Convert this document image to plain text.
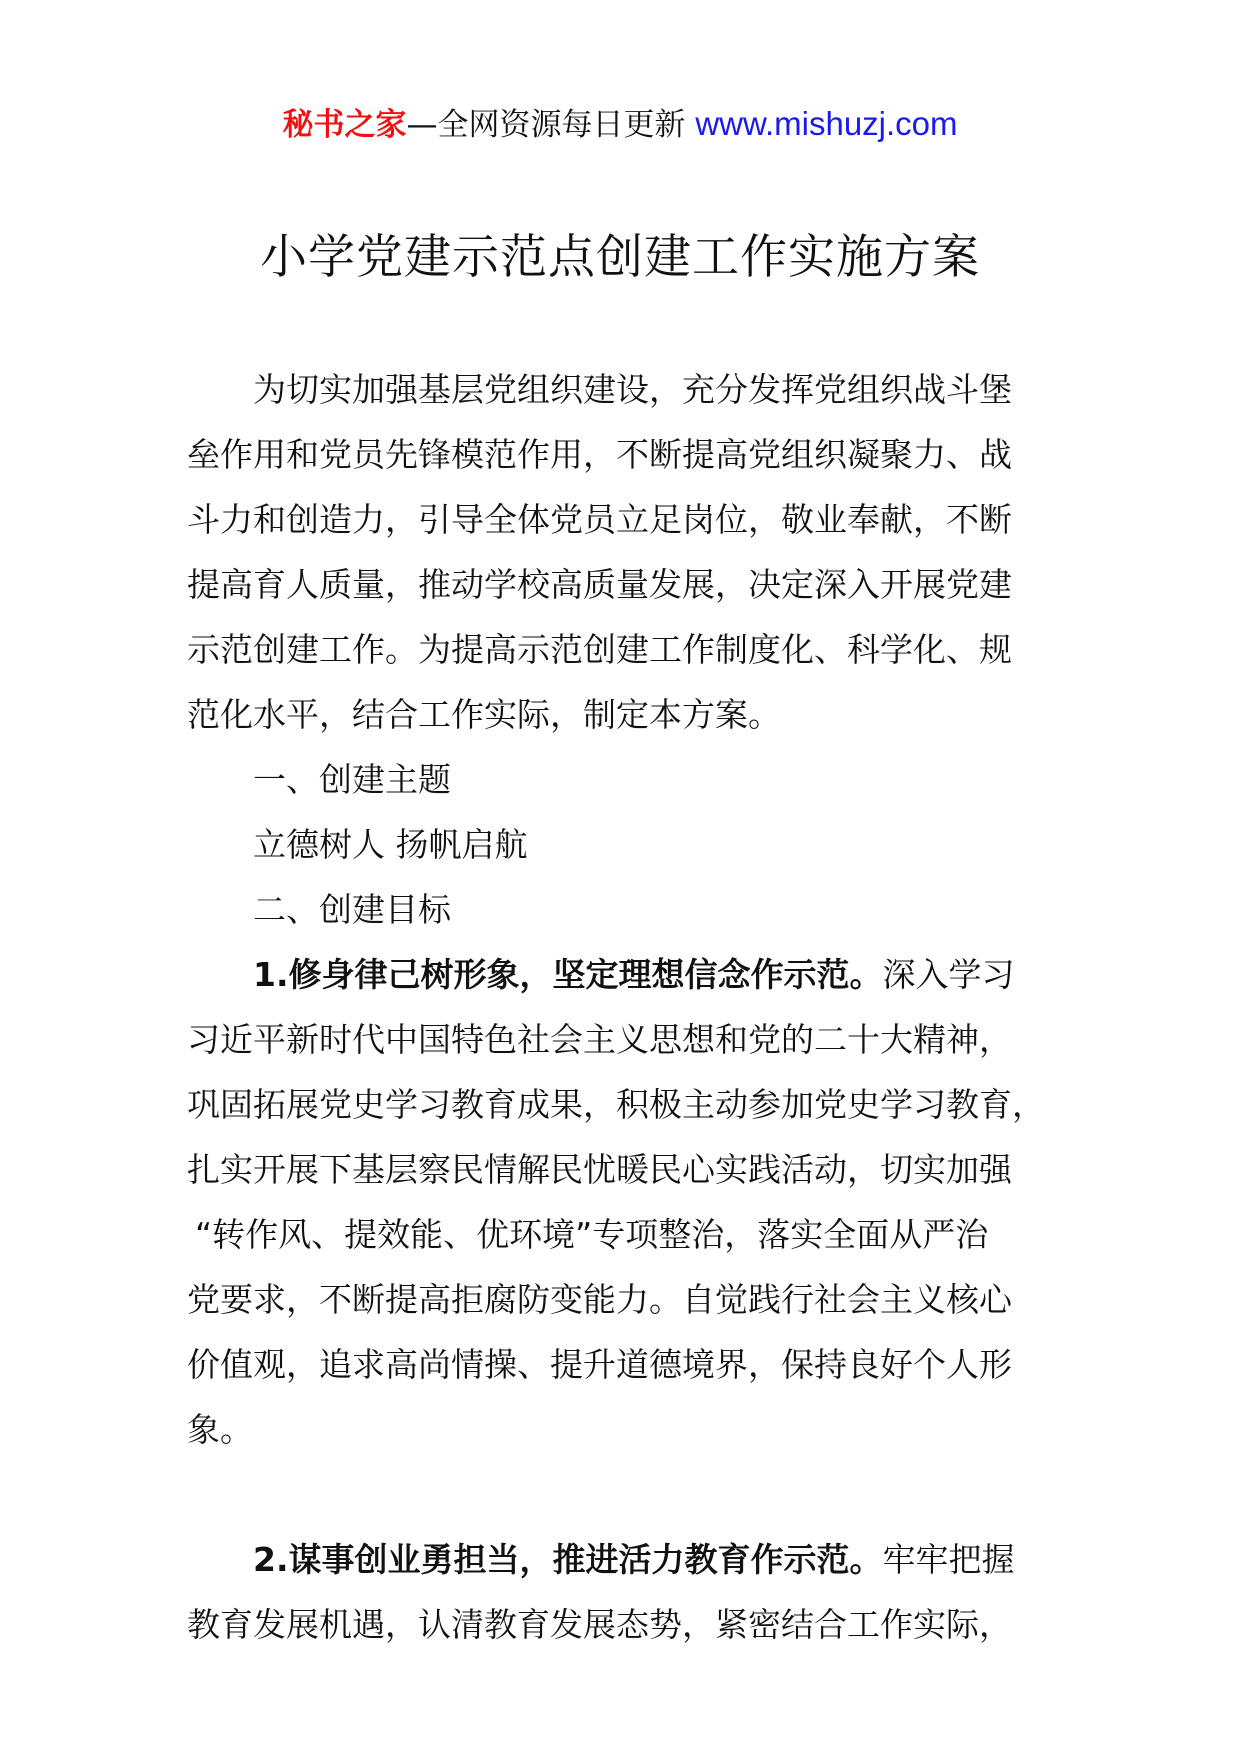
秘书之家—全网资源每日更新 www.mishuzj.com
小学党建示范点创建工作实施方案
为切实加强基层党组织建设，充分发挥党组织战斗堡
垒作用和党员先锋模范作用，不断提高党组织凝聚力、战
斗力和创造力，引导全体党员立足岗位，敬业奉献，不断
提高育人质量，推动学校高质量发展，决定深入开展党建
示范创建工作。为提高示范创建工作制度化、科学化、规
范化水平，结合工作实际，制定本方案。
一、创建主题
立德树人 扬帆启航
二、创建目标
1.修身律己树形象，坚定理想信念作示范。深入学习
习近平新时代中国特色社会主义思想和党的二十大精神，
巩固拓展党史学习教育成果，积极主动参加党史学习教育，
扎实开展下基层察民情解民忧暖民心实践活动，切实加强
“转作风、提效能、优环境”专项整治，落实全面从严治
党要求，不断提高拒腐防变能力。自觉践行社会主义核心
价值观，追求高尚情操、提升道德境界，保持良好个人形
象。
2.谋事创业勇担当，推进活力教育作示范。牢牢把握
教育发展机遇，认清教育发展态势，紧密结合工作实际，
